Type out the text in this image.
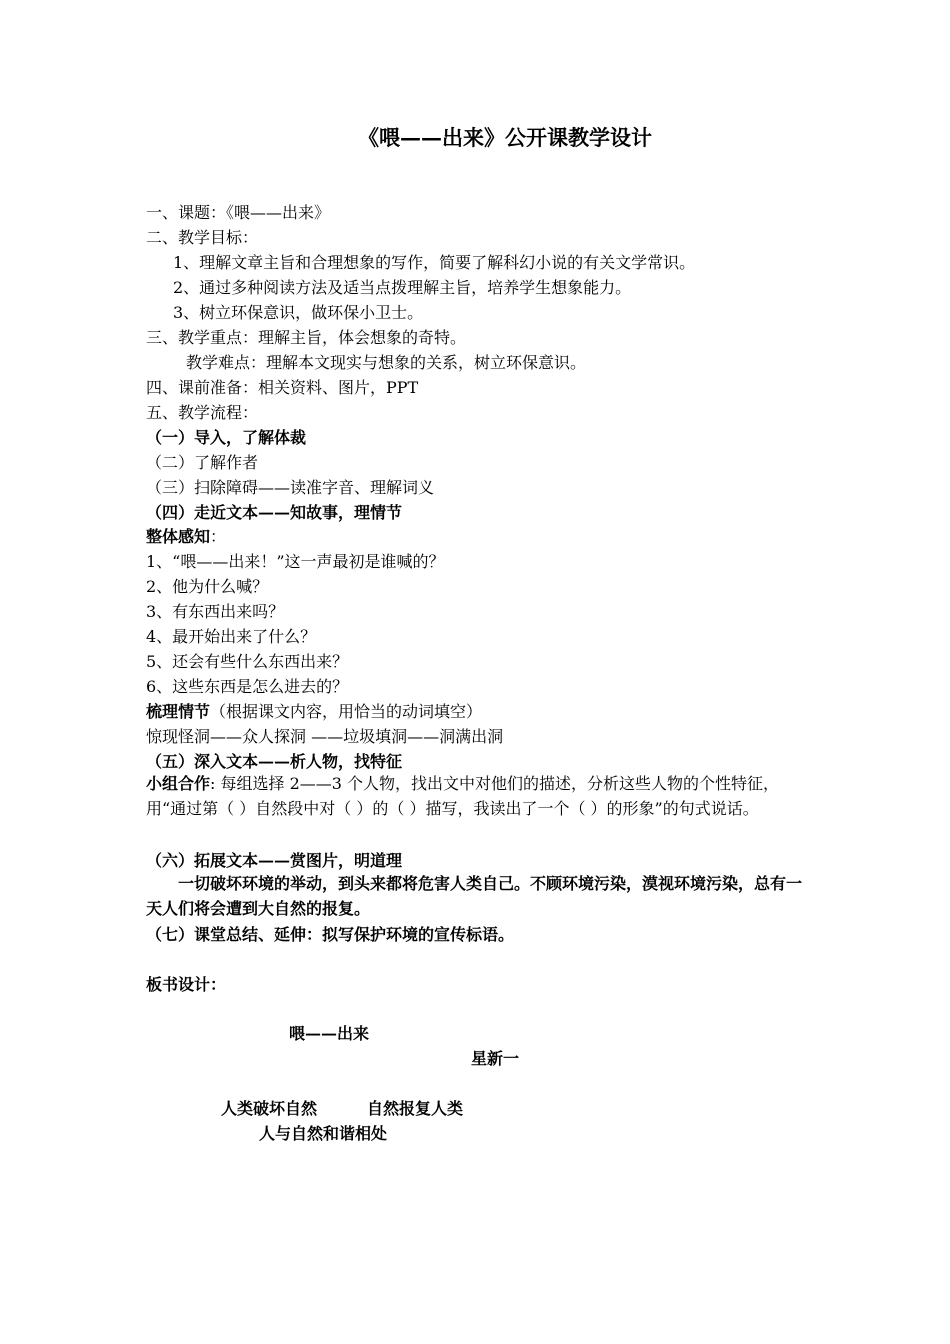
《喂——出来》公开课教学设计
一、课题：《喂——出来》
二、教学目标：
1、理解文章主旨和合理想象的写作，简要了解科幻小说的有关文学常识。
2、通过多种阅读方法及适当点拨理解主旨，培养学生想象能力。
3、树立环保意识，做环保小卫士。
三、教学重点：理解主旨，体会想象的奇特。
教学难点：理解本文现实与想象的关系，树立环保意识。
四、课前准备：相关资料、图片，PPT
五、教学流程：
（一）导入，了解体裁
（二）了解作者
（三）扫除障碍——读准字音、理解词义
（四）走近文本——知故事，理情节
整体感知：
1、“喂——出来！”这一声最初是谁喊的？
2、他为什么喊？
3、有东西出来吗？
4、最开始出来了什么？
5、还会有些什么东西出来？
6、这些东西是怎么进去的？
梳理情节（根据课文内容，用恰当的动词填空）
惊现怪洞——众人探洞 ——垃圾填洞——洞满出洞
（五）深入文本——析人物，找特征
小组合作: 每组选择 2——3 个人物，找出文中对他们的描述，分析这些人物的个性特征，用“通过第（ ）自然段中对（ ）的（ ）描写，我读出了一个（ ）的形象”的句式说话。
（六）拓展文本——赏图片，明道理
一切破坏环境的举动，到头来都将危害人类自己。不顾环境污染，漠视环境污染，总有一天人们将会遭到大自然的报复。
（七）课堂总结、延伸：拟写保护环境的宣传标语。
板书设计：
喂——出来
星新一
人类破坏自然	自然报复人类
人与自然和谐相处
